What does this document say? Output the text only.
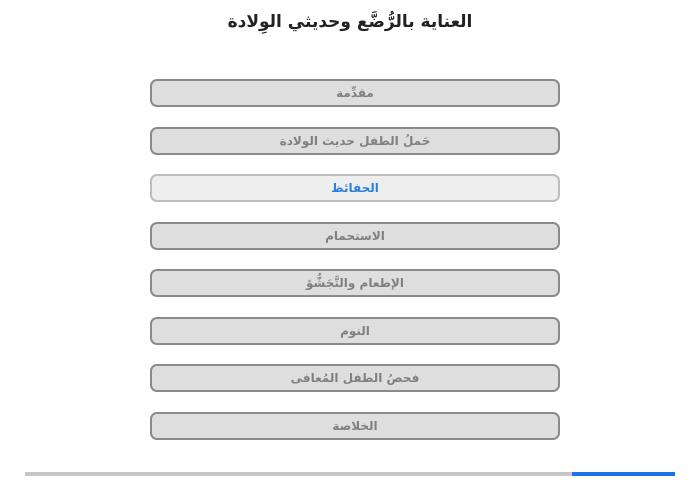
العناية بالرُّضَّع وحديثي الوِلادة
مقدِّمة
حَملُ الطفل حديث الولادة
الحفائظ
الاستحمام
الإطعام والتَّجَشُّؤ
النوم
فحصُ الطفل المُعافى
الخلاصة
